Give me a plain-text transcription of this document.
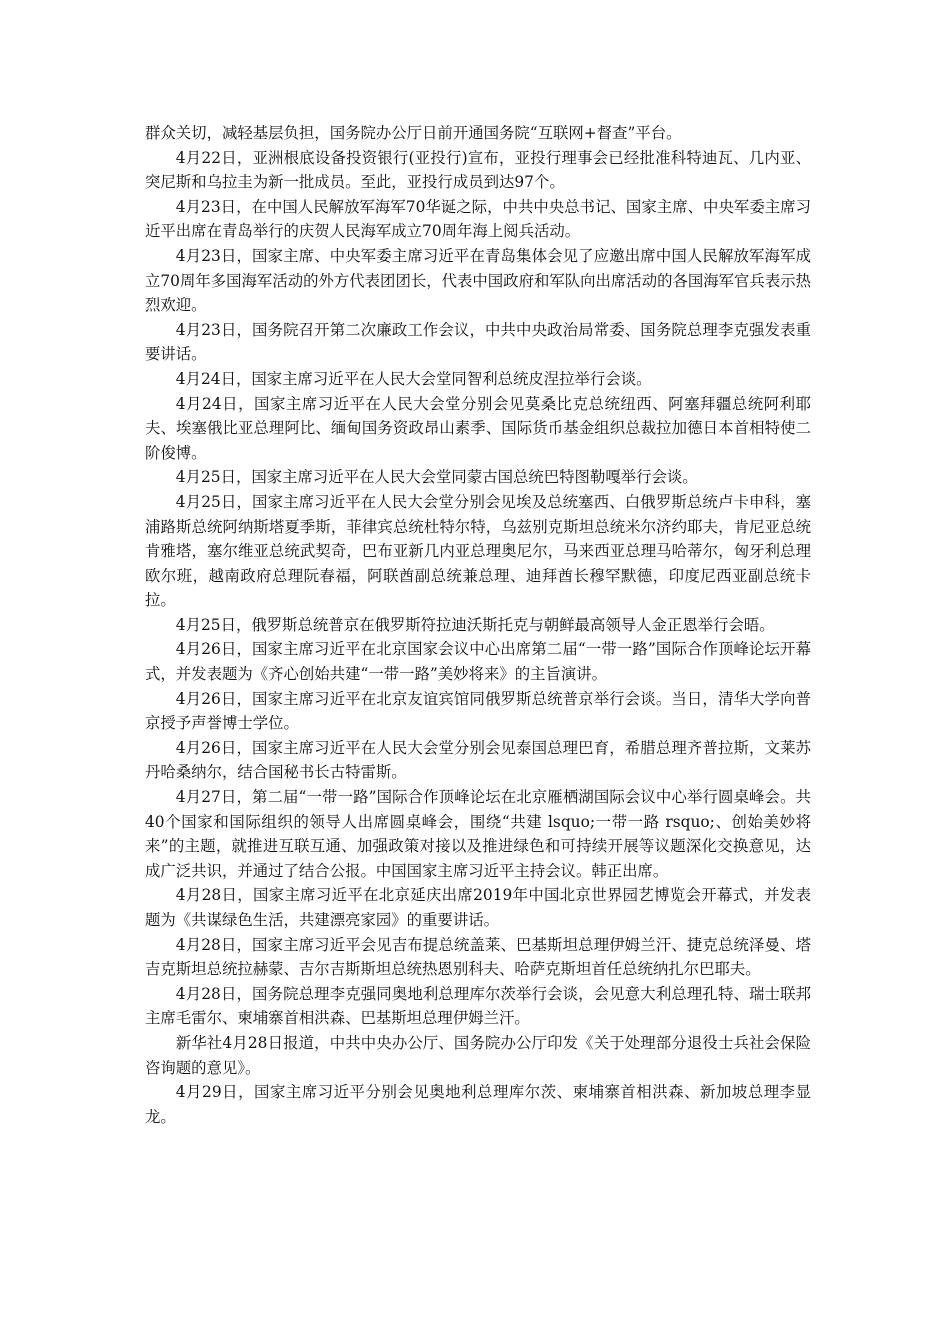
群众关切，减轻基层负担，国务院办公厅日前开通国务院“互联网+督查”平台。

4月22日，亚洲根底设备投资银行(亚投行)宣布，亚投行理事会已经批准科特迪瓦、几内亚、突尼斯和乌拉圭为新一批成员。至此，亚投行成员到达97个。

4月23日，在中国人民解放军海军70华诞之际，中共中央总书记、国家主席、中央军委主席习近平出席在青岛举行的庆贺人民海军成立70周年海上阅兵活动。

4月23日，国家主席、中央军委主席习近平在青岛集体会见了应邀出席中国人民解放军海军成立70周年多国海军活动的外方代表团团长，代表中国政府和军队向出席活动的各国海军官兵表示热烈欢迎。

4月23日，国务院召开第二次廉政工作会议，中共中央政治局常委、国务院总理李克强发表重要讲话。

4月24日，国家主席习近平在人民大会堂同智利总统皮涅拉举行会谈。

4月24日，国家主席习近平在人民大会堂分别会见莫桑比克总统纽西、阿塞拜疆总统阿利耶夫、埃塞俄比亚总理阿比、缅甸国务资政昂山素季、国际货币基金组织总裁拉加德日本首相特使二阶俊博。

4月25日，国家主席习近平在人民大会堂同蒙古国总统巴特图勒嘎举行会谈。

4月25日，国家主席习近平在人民大会堂分别会见埃及总统塞西、白俄罗斯总统卢卡申科，塞浦路斯总统阿纳斯塔夏季斯，菲律宾总统杜特尔特，乌兹别克斯坦总统米尔济约耶夫，肯尼亚总统肯雅塔，塞尔维亚总统武契奇，巴布亚新几内亚总理奥尼尔，马来西亚总理马哈蒂尔，匈牙利总理欧尔班，越南政府总理阮春福，阿联酋副总统兼总理、迪拜酋长穆罕默德，印度尼西亚副总统卡拉。

4月25日，俄罗斯总统普京在俄罗斯符拉迪沃斯托克与朝鲜最高领导人金正恩举行会晤。

4月26日，国家主席习近平在北京国家会议中心出席第二届“一带一路”国际合作顶峰论坛开幕式，并发表题为《齐心创始共建“一带一路”美妙将来》的主旨演讲。

4月26日，国家主席习近平在北京友谊宾馆同俄罗斯总统普京举行会谈。当日，清华大学向普京授予声誉博士学位。

4月26日，国家主席习近平在人民大会堂分别会见泰国总理巴育，希腊总理齐普拉斯，文莱苏丹哈桑纳尔，结合国秘书长古特雷斯。

4月27日，第二届“一带一路”国际合作顶峰论坛在北京雁栖湖国际会议中心举行圆桌峰会。共40个国家和国际组织的领导人出席圆桌峰会，围绕“共建 lsquo;一带一路 rsquo;、创始美妙将来”的主题，就推进互联互通、加强政策对接以及推进绿色和可持续开展等议题深化交换意见，达成广泛共识，并通过了结合公报。中国国家主席习近平主持会议。韩正出席。

4月28日，国家主席习近平在北京延庆出席2019年中国北京世界园艺博览会开幕式，并发表题为《共谋绿色生活，共建漂亮家园》的重要讲话。

4月28日，国家主席习近平会见吉布提总统盖莱、巴基斯坦总理伊姆兰汗、捷克总统泽曼、塔吉克斯坦总统拉赫蒙、吉尔吉斯斯坦总统热恩别科夫、哈萨克斯坦首任总统纳扎尔巴耶夫。

4月28日，国务院总理李克强同奥地利总理库尔茨举行会谈，会见意大利总理孔特、瑞士联邦主席毛雷尔、柬埔寨首相洪森、巴基斯坦总理伊姆兰汗。

新华社4月28日报道，中共中央办公厅、国务院办公厅印发《关于处理部分退役士兵社会保险咨询题的意见》。

4月29日，国家主席习近平分别会见奥地利总理库尔茨、柬埔寨首相洪森、新加坡总理李显龙。
